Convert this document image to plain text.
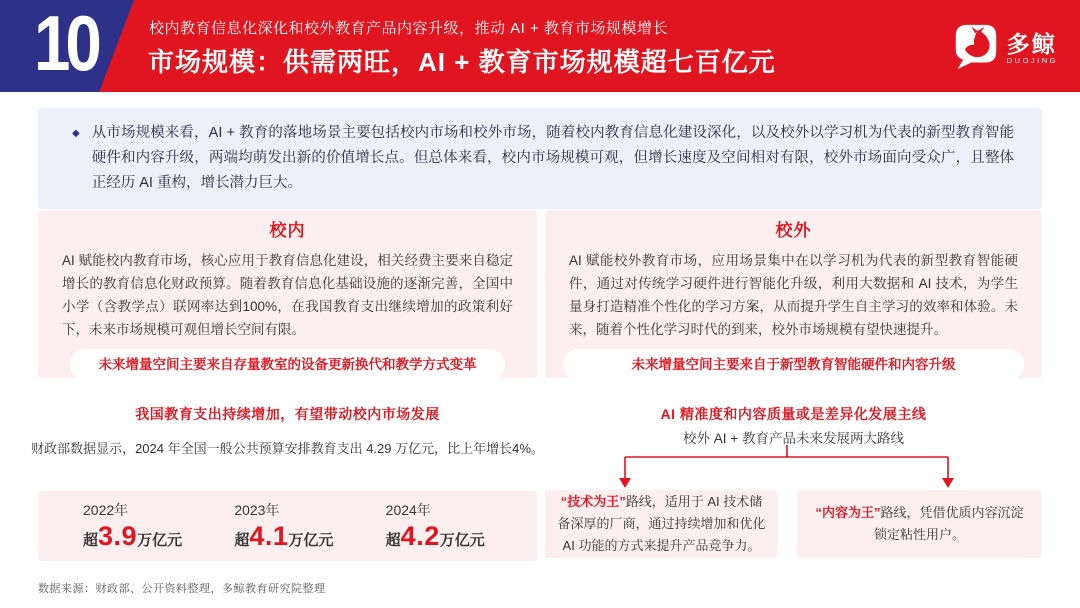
10	校内教育信息化深化和校外教育产品内容升级，推动 AI + 教育市场规模增长
市场规模：供需两旺，AI + 教育市场规模超七百亿元
多鲸
DUOJING
◆ 从市场规模来看，AI + 教育的落地场景主要包括校内市场和校外市场，随着校内教育信息化建设深化，以及校外以学习机为代表的新型教育智能硬件和内容升级，两端均萌发出新的价值增长点。但总体来看，校内市场规模可观，但增长速度及空间相对有限，校外市场面向受众广，且整体正经历 AI 重构，增长潜力巨大。
校内
AI 赋能校内教育市场，核心应用于教育信息化建设，相关经费主要来自稳定增长的教育信息化财政预算。随着教育信息化基础设施的逐渐完善，全国中小学（含教学点）联网率达到100%，在我国教育支出继续增加的政策利好下，未来市场规模可观但增长空间有限。
未来增量空间主要来自存量教室的设备更新换代和教学方式变革
校外
AI 赋能校外教育市场，应用场景集中在以学习机为代表的新型教育智能硬件，通过对传统学习硬件进行智能化升级，利用大数据和 AI 技术，为学生量身打造精准个性化的学习方案，从而提升学生自主学习的效率和体验。未来，随着个性化学习时代的到来，校外市场规模有望快速提升。
未来增量空间主要来自于新型教育智能硬件和内容升级
我国教育支出持续增加，有望带动校内市场发展
财政部数据显示，2024 年全国一般公共预算安排教育支出 4.29 万亿元，比上年增长4%。
2022年
超 3.9 万亿元
2023年
超 4.1 万亿元
2024年
超 4.2 万亿元
AI 精准度和内容质量或是差异化发展主线
校外 AI + 教育产品未来发展两大路线
“技术为王”路线，适用于 AI 技术储备深厚的厂商，通过持续增加和优化 AI 功能的方式来提升产品竞争力。
“内容为王”路线，凭借优质内容沉淀锁定粘性用户。
数据来源：财政部、公开资料整理，多鲸教育研究院整理
